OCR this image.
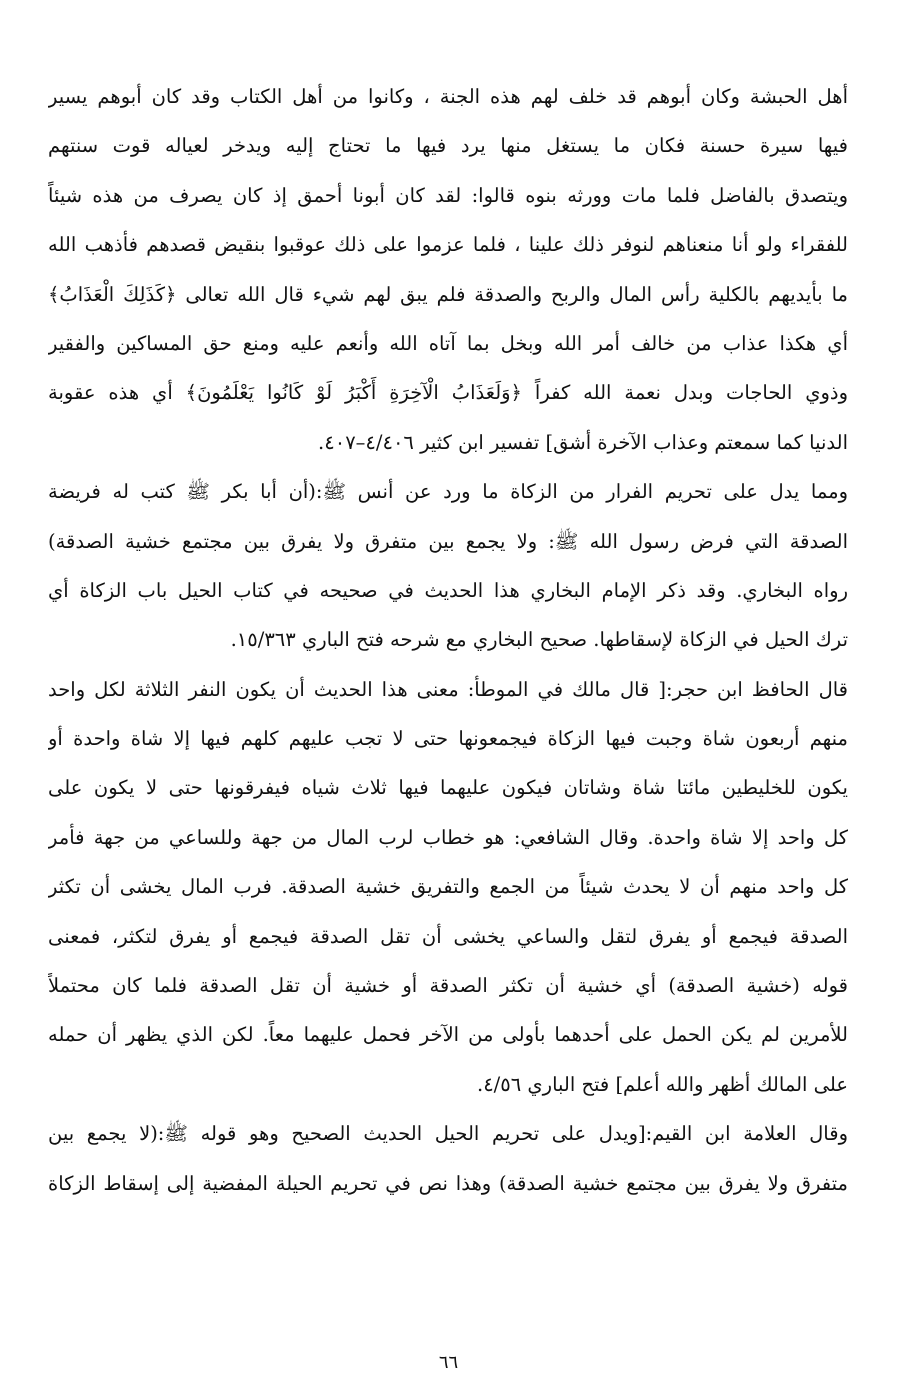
أهل الحبشة وكان أبوهم قد خلف لهم هذه الجنة ، وكانوا من أهل الكتاب وقد كان أبوهم يسير
فيها سيرة حسنة فكان ما يستغل منها يرد فيها ما تحتاج إليه ويدخر لعياله قوت سنتهم
ويتصدق بالفاضل فلما مات وورثه بنوه قالوا: لقد كان أبونا أحمق إذ كان يصرف من هذه شيئاً
للفقراء ولو أنا منعناهم لنوفر ذلك علينا ، فلما عزموا على ذلك عوقبوا بنقيض قصدهم فأذهب الله
ما بأيديهم بالكلية رأس المال والربح والصدقة فلم يبق لهم شيء قال الله تعالى ﴿كَذَلِكَ الْعَذَابُ﴾
أي هكذا عذاب من خالف أمر الله وبخل بما آتاه الله وأنعم عليه ومنع حق المساكين والفقير
وذوي الحاجات وبدل نعمة الله كفراً ﴿وَلَعَذَابُ الْآخِرَةِ أَكْبَرُ لَوْ كَانُوا يَعْلَمُونَ﴾ أي هذه عقوبة
الدنيا كما سمعتم وعذاب الآخرة أشق] تفسير ابن كثير ٤/٤٠٦–٤٠٧.
ومما يدل على تحريم الفرار من الزكاة ما ورد عن أنس ﷺ:(أن أبا بكر ﷺ كتب له فريضة
الصدقة التي فرض رسول الله ﷺ: ولا يجمع بين متفرق ولا يفرق بين مجتمع خشية الصدقة)
رواه البخاري. وقد ذكر الإمام البخاري هذا الحديث في صحيحه في كتاب الحيل باب الزكاة أي
ترك الحيل في الزكاة لإسقاطها. صحيح البخاري مع شرحه فتح الباري ١٥/٣٦٣.
قال الحافظ ابن حجر:[ قال مالك في الموطأ: معنى هذا الحديث أن يكون النفر الثلاثة لكل واحد
منهم أربعون شاة وجبت فيها الزكاة فيجمعونها حتى لا تجب عليهم كلهم فيها إلا شاة واحدة أو
يكون للخليطين مائتا شاة وشاتان فيكون عليهما فيها ثلاث شياه فيفرقونها حتى لا يكون على
كل واحد إلا شاة واحدة. وقال الشافعي: هو خطاب لرب المال من جهة وللساعي من جهة فأمر
كل واحد منهم أن لا يحدث شيئاً من الجمع والتفريق خشية الصدقة. فرب المال يخشى أن تكثر
الصدقة فيجمع أو يفرق لتقل والساعي يخشى أن تقل الصدقة فيجمع أو يفرق لتكثر، فمعنى
قوله (خشية الصدقة) أي خشية أن تكثر الصدقة أو خشية أن تقل الصدقة فلما كان محتملاً
للأمرين لم يكن الحمل على أحدهما بأولى من الآخر فحمل عليهما معاً. لكن الذي يظهر أن حمله
على المالك أظهر والله أعلم] فتح الباري ٤/٥٦.
وقال العلامة ابن القيم:[ويدل على تحريم الحيل الحديث الصحيح وهو قوله ﷺ:(لا يجمع بين
متفرق ولا يفرق بين مجتمع خشية الصدقة) وهذا نص في تحريم الحيلة المفضية إلى إسقاط الزكاة
٦٦
